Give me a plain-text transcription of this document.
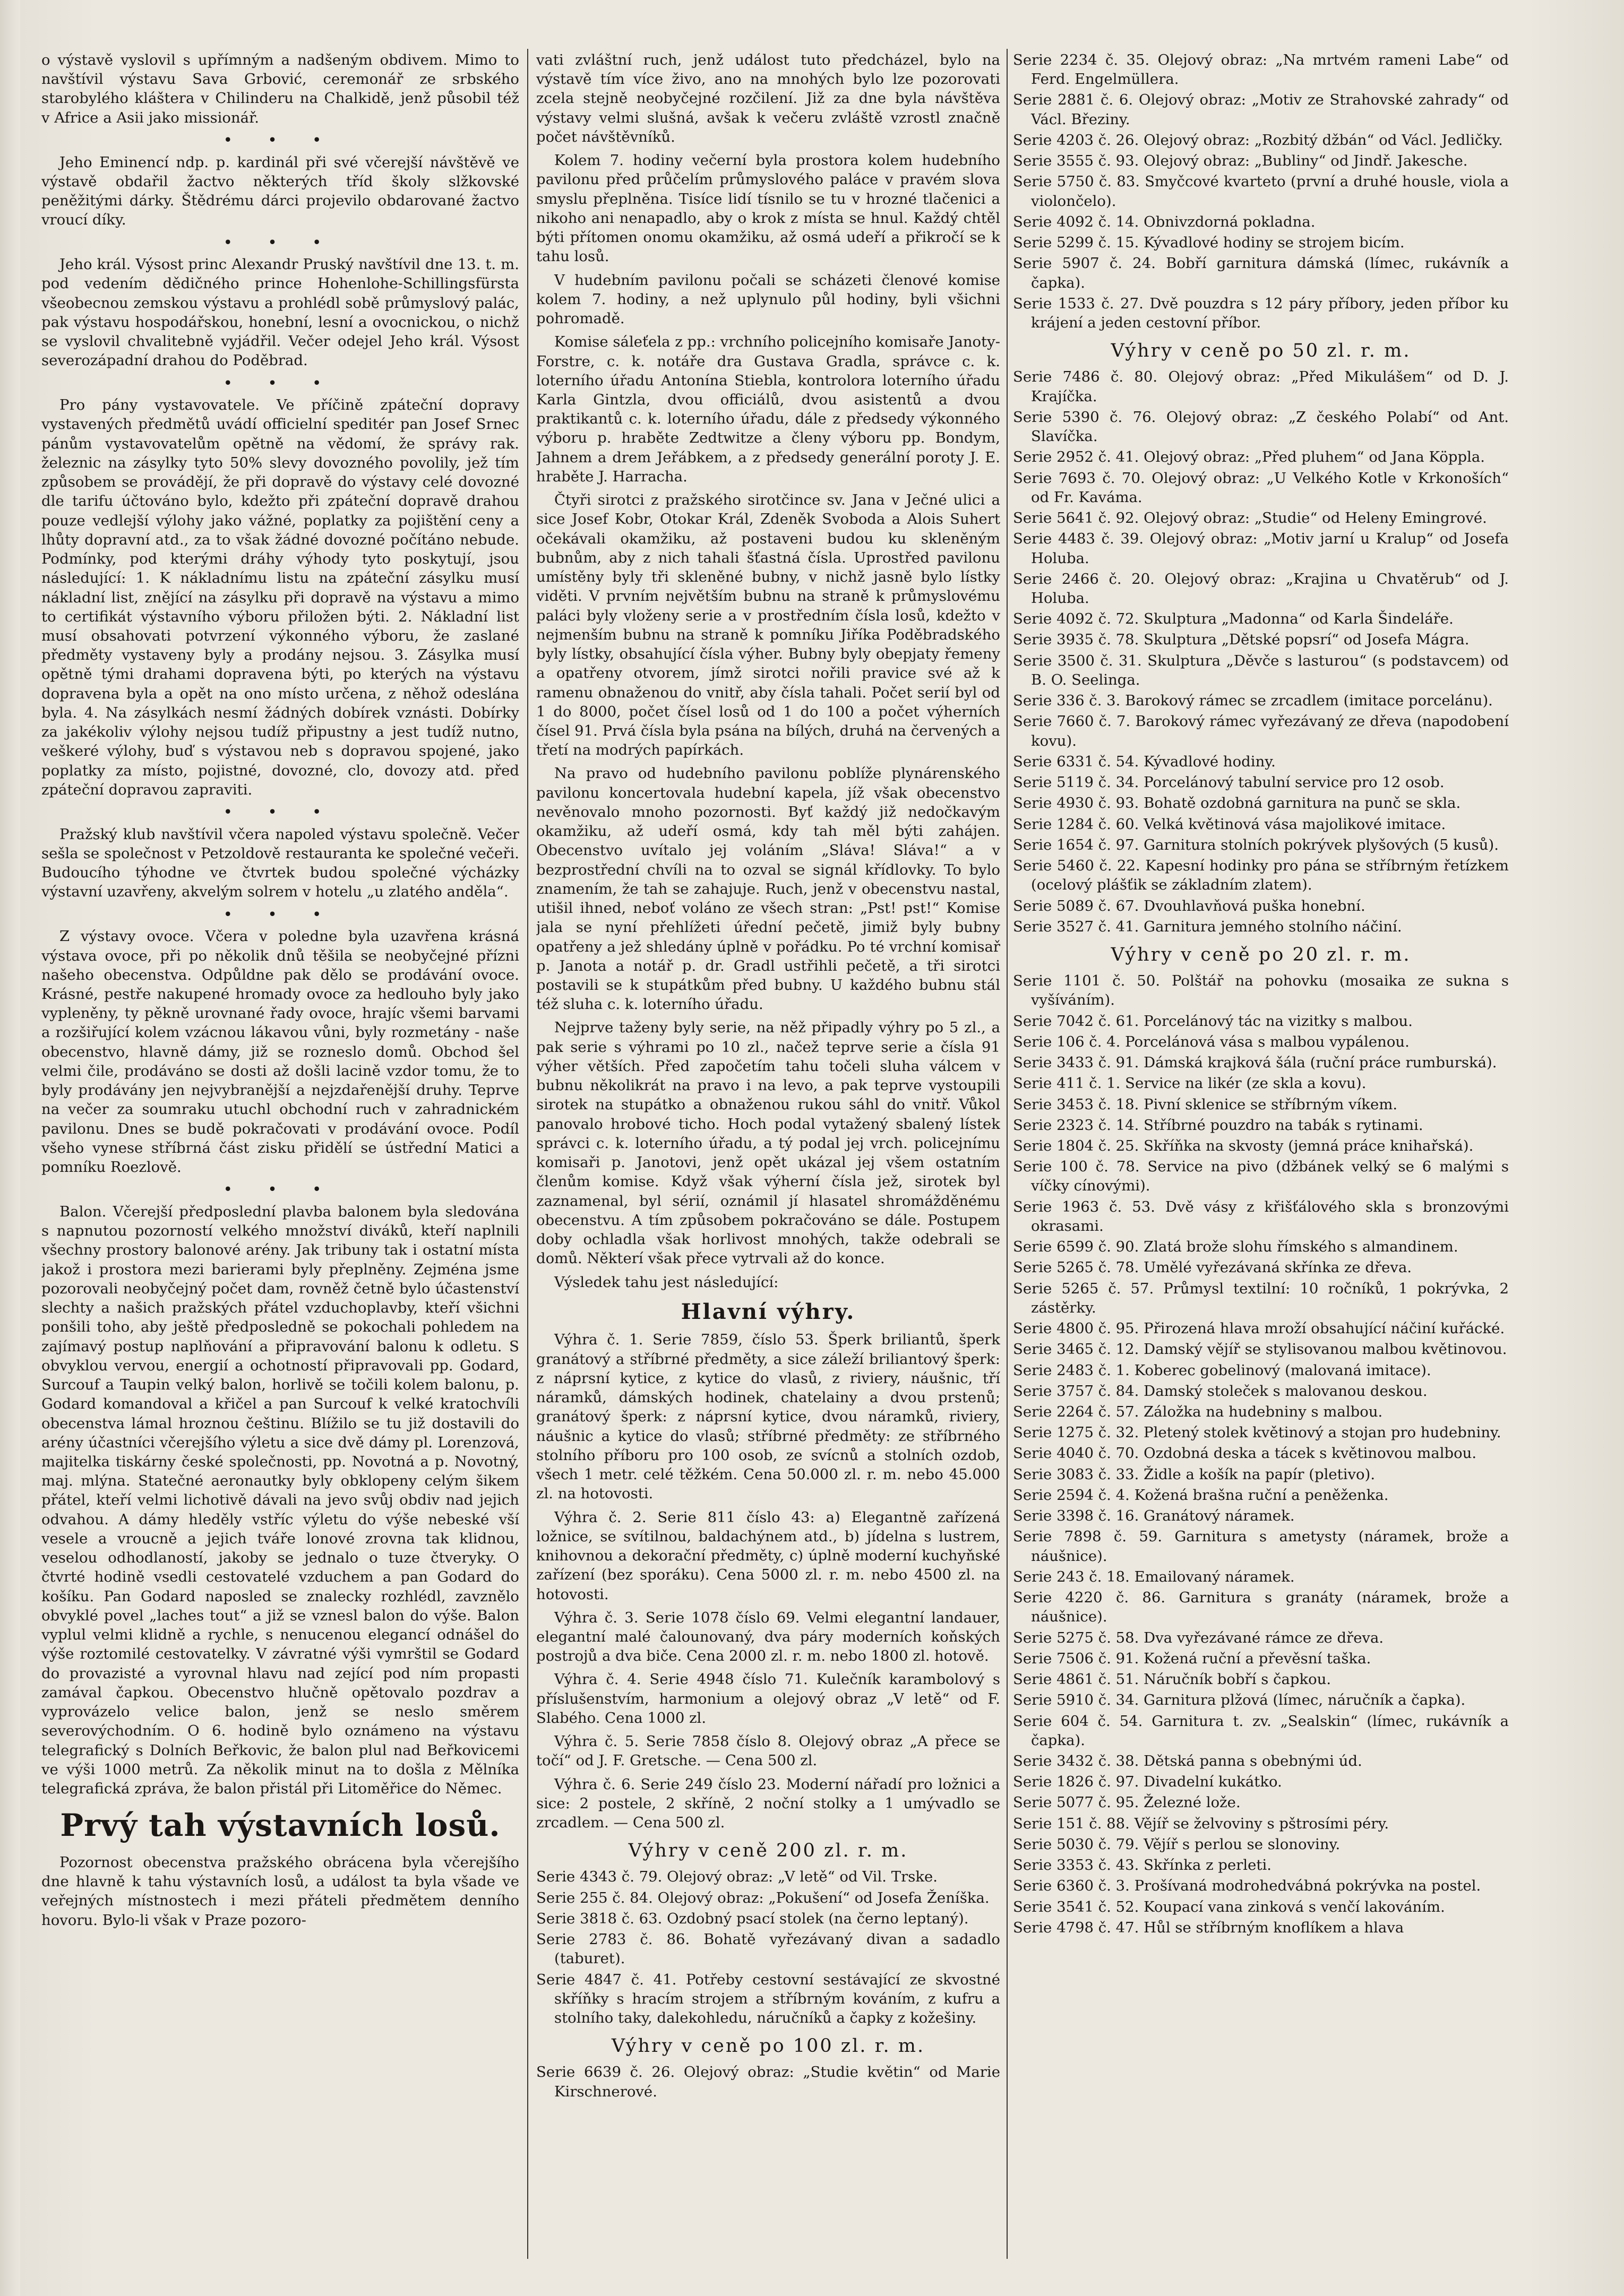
o výstavě vyslovil s upřímným a nadšeným obdivem. Mimo to navštívil výstavu Sava Grbović, ceremonář ze srbského starobylého kláštera v Chilinderu na Chalkidě, jenž působil též v Africe a Asii jako missionář.

• • •

Jeho Eminencí ndp. p. kardinál při své včerejší návštěvě ve výstavě obdařil žactvo některých tříd školy slžkovské peněžitými dárky. Štědrému dárci projevilo obdarované žactvo vroucí díky.

• • •

Jeho král. Výsost princ Alexandr Pruský navštívil dne 13. t. m. pod vedením dědičného prince Hohenlohe-Schillingsfürsta všeobecnou zemskou výstavu a prohlédl sobě průmyslový palác, pak výstavu hospodářskou, honební, lesní a ovocnickou, o nichž se vyslovil chvalitebně vyjádřil. Večer odejel Jeho král. Výsost severozápadní drahou do Poděbrad.

• • •

Pro pány vystavovatele. Ve příčině zpáteční dopravy vystavených předmětů uvádí officielní speditér pan Josef Srnec pánům vystavovatelům opětně na vědomí, že správy rak. železnic na zásylky tyto 50% slevy dovozného povolily, jež tím způsobem se provádějí, že při dopravě do výstavy celé dovozné dle tarifu účtováno bylo, kdežto při zpáteční dopravě drahou pouze vedlejší výlohy jako vážné, poplatky za pojištění ceny a lhůty dopravní atd., za to však žádné dovozné počítáno nebude. Podmínky, pod kterými dráhy výhody tyto poskytují, jsou následující: 1. K nákladnímu listu na zpáteční zásylku musí nákladní list, znějící na zásylku při dopravě na výstavu a mimo to certifikát výstavního výboru přiložen býti. 2. Nákladní list musí obsahovati potvrzení výkonného výboru, že zaslané předměty vystaveny byly a prodány nejsou. 3. Zásylka musí opětně tými drahami dopravena býti, po kterých na výstavu dopravena byla a opět na ono místo určena, z něhož odeslána byla. 4. Na zásylkách nesmí žádných dobírek vznásti. Dobírky za jakékoliv výlohy nejsou tudíž připustny a jest tudíž nutno, veškeré výlohy, buď s výstavou neb s dopravou spojené, jako poplatky za místo, pojistné, dovozné, clo, dovozy atd. před zpáteční dopravou zapraviti.

• • •

Pražský klub navštívil včera napoled výstavu společně. Večer sešla se společnost v Petzoldově restauranta ke společné večeři. Budoucího týhodne ve čtvrtek budou společné výcházky výstavní uzavřeny, akvelým solrem v hotelu „u zlatého anděla“.

• • •

Z výstavy ovoce. Včera v poledne byla uzavřena krásná výstava ovoce, při po několik dnů těšila se neobyčejné přízni našeho obecenstva. Odpůldne pak dělo se prodávání ovoce. Krásné, pestře nakupené hromady ovoce za hedlouho byly jako vypleněny, ty pěkně urovnané řady ovoce, hrajíc všemi barvami a rozšiřující kolem vzácnou lákavou vůni, byly rozmetány - naše obecenstvo, hlavně dámy, již se rozneslo domů. Obchod šel velmi čile, prodáváno se dosti až došli lacině vzdor tomu, že to byly prodávány jen nejvybranější a nejzdařenější druhy. Teprve na večer za soumraku utuchl obchodní ruch v zahradnickém pavilonu. Dnes se budě pokračovati v prodávání ovoce. Podíl všeho vynese stříbrná část zisku přidělí se ústřední Matici a pomníku Roezlově.

• • •

Balon. Včerejší předposlední plavba balonem byla sledována s napnutou pozorností velkého množství diváků, kteří naplnili všechny prostory balonové arény. Jak tribuny tak i ostatní místa jakož i prostora mezi barierami byly přeplněny. Zejména jsme pozorovali neobyčejný počet dam, rovněž četně bylo účastenství slechty a našich pražských přátel vzduchoplavby, kteří všichni ponšili toho, aby ještě předposledně se pokochali pohledem na zajímavý postup naplňování a připravování balonu k odletu. S obvyklou vervou, energií a ochotností připravovali pp. Godard, Surcouf a Taupin velký balon, horlivě se točili kolem balonu, p. Godard komandoval a křičel a pan Surcouf k velké kratochvíli obecenstva lámal hroznou češtinu. Blížilo se tu již dostavili do arény účastníci včerejšího výletu a sice dvě dámy pl. Lorenzová, majitelka tiskárny české společnosti, pp. Novotná a p. Novotný, maj. mlýna. Statečné aeronautky byly obklopeny celým šikem přátel, kteří velmi lichotivě dávali na jevo svůj obdiv nad jejich odvahou. A dámy hleděly vstříc výletu do výše nebeské vší vesele a vroucně a jejich tváře lonové zrovna tak klidnou, veselou odhodlaností, jakoby se jednalo o tuze čtveryky. O čtvrté hodině vsedli cestovatelé vzduchem a pan Godard do košíku. Pan Godard naposled se znalecky rozhlédl, zavznělo obvyklé povel „laches tout“ a již se vznesl balon do výše. Balon vyplul velmi klidně a rychle, s nenucenou elegancí odnášel do výše roztomilé cestovatelky. V závratné výši vymrštil se Godard do provazisté a vyrovnal hlavu nad zející pod ním propasti zamával čapkou. Obecenstvo hlučně opětovalo pozdrav a vyprovázelo velice balon, jenž se neslo směrem severovýchodním. O 6. hodině bylo oznámeno na výstavu telegrafický s Dolních Beřkovic, že balon plul nad Beřkovicemi ve výši 1000 metrů. Za několik minut na to došla z Mělníka telegrafická zpráva, že balon přistál při Litoměřice do Němec.

Prvý tah výstavních losů.

Pozornost obecenstva pražského obrácena byla včerejšího dne hlavně k tahu výstavních losů, a událost ta byla všade ve veřejných místnostech i mezi přáteli předmětem denního hovoru. Bylo-li však v Praze pozoro-

vati zvláštní ruch, jenž událost tuto předcházel, bylo na výstavě tím více živo, ano na mnohých bylo lze pozorovati zcela stejně neobyčejné rozčilení. Již za dne byla návštěva výstavy velmi slušná, avšak k večeru zvláště vzrostl značně počet návštěvníků.

Kolem 7. hodiny večerní byla prostora kolem hudebního pavilonu před průčelím průmyslového paláce v pravém slova smyslu přeplněna. Tisíce lidí tísnilo se tu v hrozné tlačenici a nikoho ani nenapadlo, aby o krok z místa se hnul. Každý chtěl býti přítomen onomu okamžiku, až osmá udeří a přikročí se k tahu losů.

V hudebním pavilonu počali se scházeti členové komise kolem 7. hodiny, a než uplynulo půl hodiny, byli všichni pohromadě.

Komise sáleťela z pp.: vrchního policejního komisaře Janoty-Forstre, c. k. notáře dra Gustava Gradla, správce c. k. loterního úřadu Antonína Stiebla, kontrolora loterního úřadu Karla Gintzla, dvou officiálů, dvou asistentů a dvou praktikantů c. k. loterního úřadu, dále z předsedy výkonného výboru p. hraběte Zedtwitze a členy výboru pp. Bondym, Jahnem a drem Jeřábkem, a z předsedy generální poroty J. E. hraběte J. Harracha.

Čtyři sirotci z pražského sirotčince sv. Jana v Ječné ulici a sice Josef Kobr, Otokar Král, Zdeněk Svoboda a Alois Suhert očekávali okamžiku, až postaveni budou ku skleněným bubnům, aby z nich tahali šťastná čísla. Uprostřed pavilonu umístěny byly tři skleněné bubny, v nichž jasně bylo lístky viděti. V prvním největším bubnu na straně k průmyslovému paláci byly vloženy serie a v prostředním čísla losů, kdežto v nejmenším bubnu na straně k pomníku Jiříka Poděbradského byly lístky, obsahující čísla výher. Bubny byly obepjaty řemeny a opatřeny otvorem, jímž sirotci nořili pravice své až k ramenu obnaženou do vnitř, aby čísla tahali. Počet serií byl od 1 do 8000, počet čísel losů od 1 do 100 a počet výherních čísel 91. Prvá čísla byla psána na bílých, druhá na červených a třetí na modrých papírkách.

Na pravo od hudebního pavilonu poblíže plynárenského pavilonu koncertovala hudební kapela, jíž však obecenstvo nevěnovalo mnoho pozornosti. Byť každý již nedočkavým okamžiku, až udeří osmá, kdy tah měl býti zahájen. Obecenstvo uvítalo jej voláním „Sláva! Sláva!“ a v bezprostřední chvíli na to ozval se signál křídlovky. To bylo znamením, že tah se zahajuje. Ruch, jenž v obecenstvu nastal, utišil ihned, neboť voláno ze všech stran: „Pst! pst!“ Komise jala se nyní přehlížeti úřední pečetě, jimiž byly bubny opatřeny a jež shledány úplně v pořádku. Po té vrchní komisař p. Janota a notář p. dr. Gradl ustřihli pečetě, a tři sirotci postavili se k stupátkům před bubny. U každého bubnu stál též sluha c. k. loterního úřadu.

Nejprve taženy byly serie, na něž připadly výhry po 5 zl., a pak serie s výhrami po 10 zl., načež teprve serie a čísla 91 výher větších. Před započetím tahu točeli sluha válcem v bubnu několikrát na pravo i na levo, a pak teprve vystoupili sirotek na stupátko a obnaženou rukou sáhl do vnitř. Vůkol panovalo hrobové ticho. Hoch podal vytažený sbalený lístek správci c. k. loterního úřadu, a tý podal jej vrch. policejnímu komisaři p. Janotovi, jenž opět ukázal jej všem ostatním členům komise. Když však výherní čísla jež, sirotek byl zaznamenal, byl sérií, oznámil jí hlasatel shromážděnému obecenstvu. A tím způsobem pokračováno se dále. Postupem doby ochladla však horlivost mnohých, takže odebrali se domů. Některí však přece vytrvali až do konce.

Výsledek tahu jest následující:

Hlavní výhry.

Výhra č. 1. Serie 7859, číslo 53. Šperk briliantů, šperk granátový a stříbrné předměty, a sice záleží briliantový šperk: z náprsní kytice, z kytice do vlasů, z riviery, náušnic, tří náramků, dámských hodinek, chatelainy a dvou prstenů; granátový šperk: z náprsní kytice, dvou náramků, riviery, náušnic a kytice do vlasů; stříbrné předměty: ze stříbrného stolního příboru pro 100 osob, ze svícnů a stolních ozdob, všech 1 metr. celé těžkém. Cena 50.000 zl. r. m. nebo 45.000 zl. na hotovosti.

Výhra č. 2. Serie 811 číslo 43: a) Elegantně zařízená ložnice, se svítilnou, baldachýnem atd., b) jídelna s lustrem, knihovnou a dekorační předměty, c) úplně moderní kuchyňské zařízení (bez sporáku). Cena 5000 zl. r. m. nebo 4500 zl. na hotovosti.

Výhra č. 3. Serie 1078 číslo 69. Velmi elegantní landauer, elegantní malé čalounovaný, dva páry moderních koňských postrojů a dva biče. Cena 2000 zl. r. m. nebo 1800 zl. hotově.

Výhra č. 4. Serie 4948 číslo 71. Kulečník karambolový s příslušenstvím, harmonium a olejový obraz „V letě“ od F. Slabého. Cena 1000 zl.

Výhra č. 5. Serie 7858 číslo 8. Olejový obraz „A přece se točí“ od J. F. Gretsche. — Cena 500 zl.

Výhra č. 6. Serie 249 číslo 23. Moderní nářadí pro ložnici a sice: 2 postele, 2 skříně, 2 noční stolky a 1 umývadlo se zrcadlem. — Cena 500 zl.

Výhry v ceně 200 zl. r. m.
Serie 4343 č. 79. Olejový obraz: „V letě“ od Vil. Trske.
Serie 255 č. 84. Olejový obraz: „Pokušení“ od Josefa Ženíška.
Serie 3818 č. 63. Ozdobný psací stolek (na černo leptaný).
Serie 2783 č. 86. Bohatě vyřezávaný divan a sadadlo (taburet).
Serie 4847 č. 41. Potřeby cestovní sestávající ze skvostné skříňky s hracím strojem a stříbrným kováním, z kufru a stolního taky, dalekohledu, náručníků a čapky z kožešiny.
Výhry v ceně po 100 zl. r. m.
Serie 6639 č. 26. Olejový obraz: „Studie květin“ od Marie Kirschnerové.
Serie 2234 č. 35. Olejový obraz: „Na mrtvém rameni Labe“ od Ferd. Engelmüllera.
Serie 2881 č. 6. Olejový obraz: „Motiv ze Strahovské zahrady“ od Václ. Březiny.
Serie 4203 č. 26. Olejový obraz: „Rozbitý džbán“ od Václ. Jedličky.
Serie 3555 č. 93. Olejový obraz: „Bubliny“ od Jindř. Jakesche.
Serie 5750 č. 83. Smyčcové kvarteto (první a druhé housle, viola a violončelo).
Serie 4092 č. 14. Obnivzdorná pokladna.
Serie 5299 č. 15. Kývadlové hodiny se strojem bicím.
Serie 5907 č. 24. Bobří garnitura dámská (límec, rukávník a čapka).
Serie 1533 č. 27. Dvě pouzdra s 12 páry příbory, jeden příbor ku krájení a jeden cestovní příbor.
Výhry v ceně po 50 zl. r. m.
Serie 7486 č. 80. Olejový obraz: „Před Mikulášem“ od D. J. Krajíčka.
Serie 5390 č. 76. Olejový obraz: „Z českého Polabí“ od Ant. Slavíčka.
Serie 2952 č. 41. Olejový obraz: „Před pluhem“ od Jana Köppla.
Serie 7693 č. 70. Olejový obraz: „U Velkého Kotle v Krkonoších“ od Fr. Kaváma.
Serie 5641 č. 92. Olejový obraz: „Studie“ od Heleny Emingrové.
Serie 4483 č. 39. Olejový obraz: „Motiv jarní u Kralup“ od Josefa Holuba.
Serie 2466 č. 20. Olejový obraz: „Krajina u Chvatěrub“ od J. Holuba.
Serie 4092 č. 72. Skulptura „Madonna“ od Karla Šindeláře.
Serie 3935 č. 78. Skulptura „Dětské popsrí“ od Josefa Mágra.
Serie 3500 č. 31. Skulptura „Děvče s lasturou“ (s podstavcem) od B. O. Seelinga.
Serie 336 č. 3. Barokový rámec se zrcadlem (imitace porcelánu).
Serie 7660 č. 7. Barokový rámec vyřezávaný ze dřeva (napodobení kovu).
Serie 6331 č. 54. Kývadlové hodiny.
Serie 5119 č. 34. Porcelánový tabulní service pro 12 osob.
Serie 4930 č. 93. Bohatě ozdobná garnitura na punč se skla.
Serie 1284 č. 60. Velká květinová vása majolikové imitace.
Serie 1654 č. 97. Garnitura stolních pokrývek plyšových (5 kusů).
Serie 5460 č. 22. Kapesní hodinky pro pána se stříbrným řetízkem (ocelový plášťik se základním zlatem).
Serie 5089 č. 67. Dvouhlavňová puška honební.
Serie 3527 č. 41. Garnitura jemného stolního náčiní.
Výhry v ceně po 20 zl. r. m.
Serie 1101 č. 50. Polštář na pohovku (mosaika ze sukna s vyšíváním).
Serie 7042 č. 61. Porcelánový tác na vizitky s malbou.
Serie 106 č. 4. Porcelánová vása s malbou vypálenou.
Serie 3433 č. 91. Dámská krajková šála (ruční práce rumburská).
Serie 411 č. 1. Service na likér (ze skla a kovu).
Serie 3453 č. 18. Pivní sklenice se stříbrným víkem.
Serie 2323 č. 14. Stříbrné pouzdro na tabák s rytinami.
Serie 1804 č. 25. Skříňka na skvosty (jemná práce knihařská).
Serie 100 č. 78. Service na pivo (džbánek velký se 6 malými s víčky cínovými).
Serie 1963 č. 53. Dvě vásy z křišťálového skla s bronzovými okrasami.
Serie 6599 č. 90. Zlatá brože slohu římského s almandinem.
Serie 5265 č. 78. Umělé vyřezávaná skřínka ze dřeva.
Serie 5265 č. 57. Průmysl textilní: 10 ročníků, 1 pokrývka, 2 zástěrky.
Serie 4800 č. 95. Přirozená hlava mroží obsahující náčiní kuřácké.
Serie 3465 č. 12. Damský vějíř se stylisovanou malbou květinovou.
Serie 2483 č. 1. Koberec gobelinový (malovaná imitace).
Serie 3757 č. 84. Damský stoleček s malovanou deskou.
Serie 2264 č. 57. Záložka na hudebniny s malbou.
Serie 1275 č. 32. Pletený stolek květinový a stojan pro hudebniny.
Serie 4040 č. 70. Ozdobná deska a tácek s květinovou malbou.
Serie 3083 č. 33. Židle a košík na papír (pletivo).
Serie 2594 č. 4. Kožená brašna ruční a peněženka.
Serie 3398 č. 16. Granátový náramek.
Serie 7898 č. 59. Garnitura s ametysty (náramek, brože a náušnice).
Serie 243 č. 18. Emailovaný náramek.
Serie 4220 č. 86. Garnitura s granáty (náramek, brože a náušnice).
Serie 5275 č. 58. Dva vyřezávané rámce ze dřeva.
Serie 7506 č. 91. Kožená ruční a převěsní taška.
Serie 4861 č. 51. Náručník bobří s čapkou.
Serie 5910 č. 34. Garnitura plžová (límec, náručník a čapka).
Serie 604 č. 54. Garnitura t. zv. „Sealskin“ (límec, rukávník a čapka).
Serie 3432 č. 38. Dětská panna s obebnými úd.
Serie 1826 č. 97. Divadelní kukátko.
Serie 5077 č. 95. Železné lože.
Serie 151 č. 88. Vějíř se želvoviny s pštrosími péry.
Serie 5030 č. 79. Vějíř s perlou se slonoviny.
Serie 3353 č. 43. Skřínka z perleti.
Serie 6360 č. 3. Prošívaná modrohedvábná pokrývka na postel.
Serie 3541 č. 52. Koupací vana zinková s venčí lakováním.
Serie 4798 č. 47. Hůl se stříbrným knoflíkem a hlava
